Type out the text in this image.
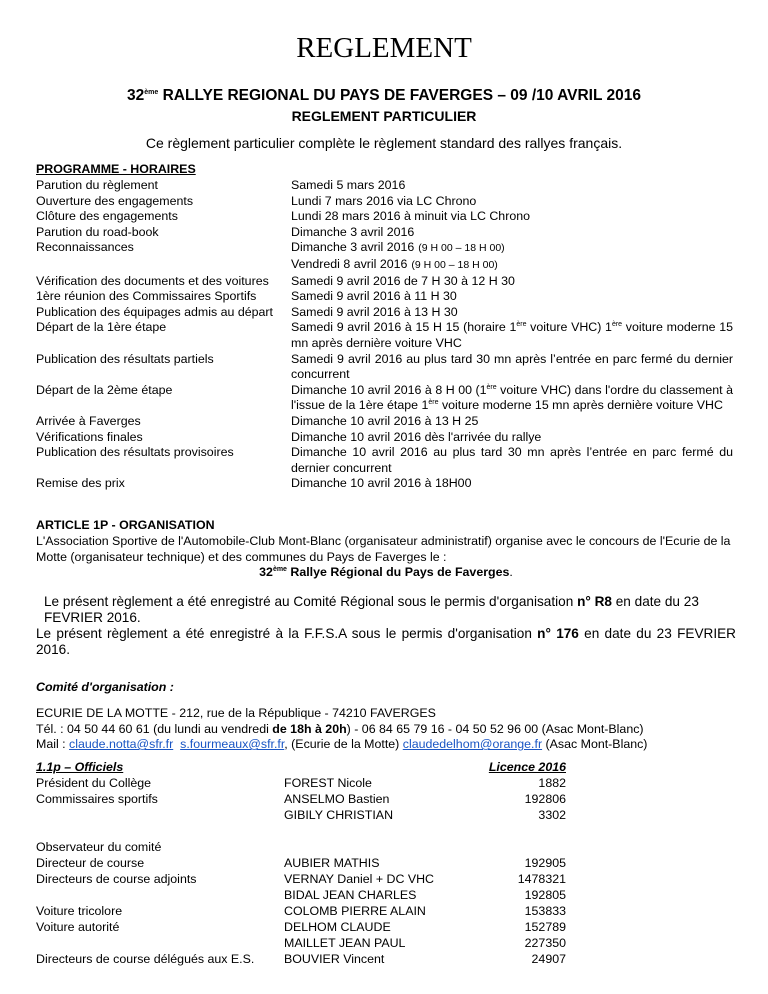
REGLEMENT
32ème RALLYE REGIONAL DU PAYS DE FAVERGES – 09 /10 AVRIL 2016
REGLEMENT PARTICULIER
Ce règlement particulier complète le règlement standard des rallyes français.
PROGRAMME - HORAIRES
Parution du règlement	Samedi 5 mars 2016
Ouverture des engagements	Lundi 7 mars 2016 via LC Chrono
Clôture des engagements	Lundi 28 mars 2016 à minuit via LC Chrono
Parution du road-book	Dimanche 3 avril 2016
Reconnaissances	Dimanche 3 avril 2016 (9 H 00 – 18 H 00)
Vendredi 8 avril 2016 (9 H 00 – 18 H 00)
Vérification des documents et des voitures	Samedi 9 avril 2016 de 7 H 30 à 12 H 30
1ère réunion des Commissaires Sportifs	Samedi 9 avril 2016 à 11 H 30
Publication des équipages admis au départ	Samedi 9 avril 2016 à 13 H 30
Départ de la 1ère étape	Samedi 9 avril 2016 à 15 H 15 (horaire 1ère voiture VHC) 1ère voiture moderne 15 mn après dernière voiture VHC
Publication des résultats partiels	Samedi 9 avril 2016 au plus tard 30 mn après l’entrée en parc fermé du dernier concurrent
Départ de la 2ème étape	Dimanche 10 avril 2016 à 8 H 00 (1ère voiture VHC) dans l'ordre du classement à l'issue de la 1ère étape 1ère voiture moderne 15 mn après dernière voiture VHC
Arrivée à Faverges	Dimanche 10 avril 2016 à 13 H 25
Vérifications finales	Dimanche 10 avril 2016 dès l'arrivée du rallye
Publication des résultats provisoires	Dimanche 10 avril 2016 au plus tard 30 mn après l’entrée en parc fermé du dernier concurrent
Remise des prix	Dimanche 10 avril 2016 à 18H00
ARTICLE 1P - ORGANISATION
L'Association Sportive de l'Automobile-Club Mont-Blanc (organisateur administratif) organise avec le concours de l'Ecurie de la Motte (organisateur technique) et des communes du Pays de Faverges le :
32ème Rallye Régional du Pays de Faverges.
Le présent règlement a été enregistré au Comité Régional sous le permis d'organisation n° R8 en date du 23 FEVRIER 2016.
Le présent règlement a été enregistré à la F.F.S.A sous le permis d'organisation n° 176 en date du 23 FEVRIER 2016.
Comité d'organisation :
ECURIE DE LA MOTTE - 212, rue de la République - 74210 FAVERGES
Tél. : 04 50 44 60 61 (du lundi au vendredi de 18h à 20h) - 06 84 65 79 16 - 04 50 52 96 00 (Asac Mont-Blanc)
Mail : claude.notta@sfr.fr s.fourmeaux@sfr.fr, (Ecurie de la Motte) claudedelhom@orange.fr (Asac Mont-Blanc)
1.1p – Officiels	Licence 2016
Président du Collège	FOREST Nicole	1882
Commissaires sportifs	ANSELMO Bastien	192806
GIBILY CHRISTIAN	3302
Observateur du comité
Directeur de course	AUBIER MATHIS	192905
Directeurs de course adjoints	VERNAY Daniel + DC VHC	1478321
BIDAL JEAN CHARLES	192805
Voiture tricolore	COLOMB PIERRE ALAIN	153833
Voiture autorité	DELHOM CLAUDE	152789
MAILLET JEAN PAUL	227350
Directeurs de course délégués aux E.S.	BOUVIER Vincent	24907
